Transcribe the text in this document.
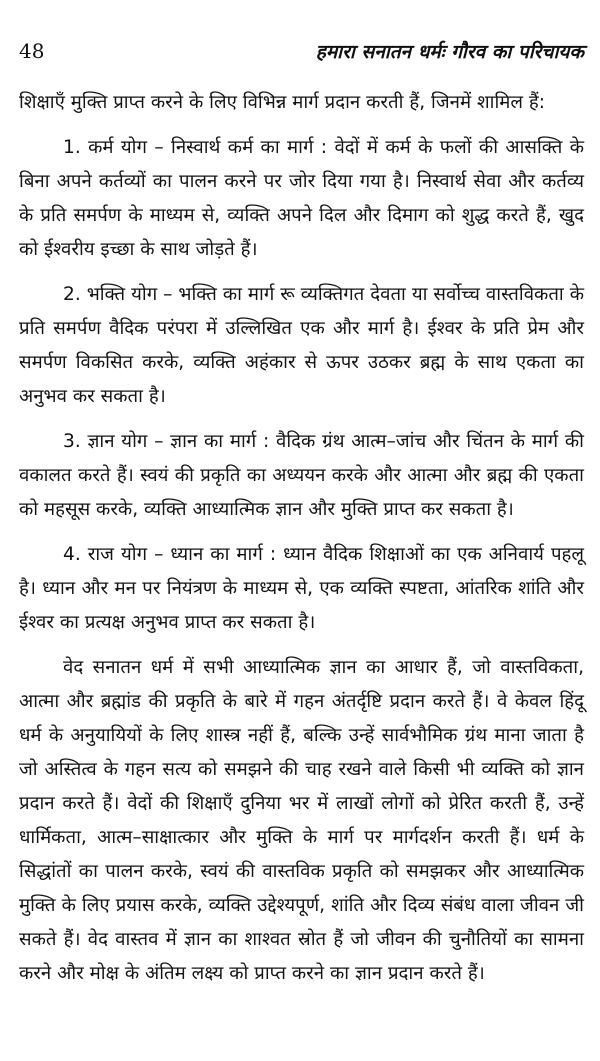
48	हमारा सनातन धर्मः गौरव का परिचायक

शिक्षाएँ मुक्ति प्राप्त करने के लिए विभिन्न मार्ग प्रदान करती हैं, जिनमें शामिल हैं:

1. कर्म योग – निस्वार्थ कर्म का मार्ग : वेदों में कर्म के फलों की आसक्ति के बिना अपने कर्तव्यों का पालन करने पर जोर दिया गया है। निस्वार्थ सेवा और कर्तव्य के प्रति समर्पण के माध्यम से, व्यक्ति अपने दिल और दिमाग को शुद्ध करते हैं, खुद को ईश्वरीय इच्छा के साथ जोड़ते हैं।

2. भक्ति योग – भक्ति का मार्ग रू व्यक्तिगत देवता या सर्वोच्च वास्तविकता के प्रति समर्पण वैदिक परंपरा में उल्लिखित एक और मार्ग है। ईश्वर के प्रति प्रेम और समर्पण विकसित करके, व्यक्ति अहंकार से ऊपर उठकर ब्रह्म के साथ एकता का अनुभव कर सकता है।

3. ज्ञान योग – ज्ञान का मार्ग : वैदिक ग्रंथ आत्म–जांच और चिंतन के मार्ग की वकालत करते हैं। स्वयं की प्रकृति का अध्ययन करके और आत्मा और ब्रह्म की एकता को महसूस करके, व्यक्ति आध्यात्मिक ज्ञान और मुक्ति प्राप्त कर सकता है।

4. राज योग – ध्यान का मार्ग : ध्यान वैदिक शिक्षाओं का एक अनिवार्य पहलू है। ध्यान और मन पर नियंत्रण के माध्यम से, एक व्यक्ति स्पष्टता, आंतरिक शांति और ईश्वर का प्रत्यक्ष अनुभव प्राप्त कर सकता है।

वेद सनातन धर्म में सभी आध्यात्मिक ज्ञान का आधार हैं, जो वास्तविकता, आत्मा और ब्रह्मांड की प्रकृति के बारे में गहन अंतर्दृष्टि प्रदान करते हैं। वे केवल हिंदू धर्म के अनुयायियों के लिए शास्त्र नहीं हैं, बल्कि उन्हें सार्वभौमिक ग्रंथ माना जाता है जो अस्तित्व के गहन सत्य को समझने की चाह रखने वाले किसी भी व्यक्ति को ज्ञान प्रदान करते हैं। वेदों की शिक्षाएँ दुनिया भर में लाखों लोगों को प्रेरित करती हैं, उन्हें धार्मिकता, आत्म–साक्षात्कार और मुक्ति के मार्ग पर मार्गदर्शन करती हैं। धर्म के सिद्धांतों का पालन करके, स्वयं की वास्तविक प्रकृति को समझकर और आध्यात्मिक मुक्ति के लिए प्रयास करके, व्यक्ति उद्देश्यपूर्ण, शांति और दिव्य संबंध वाला जीवन जी सकते हैं। वेद वास्तव में ज्ञान का शाश्वत स्रोत हैं जो जीवन की चुनौतियों का सामना करने और मोक्ष के अंतिम लक्ष्य को प्राप्त करने का ज्ञान प्रदान करते हैं।
